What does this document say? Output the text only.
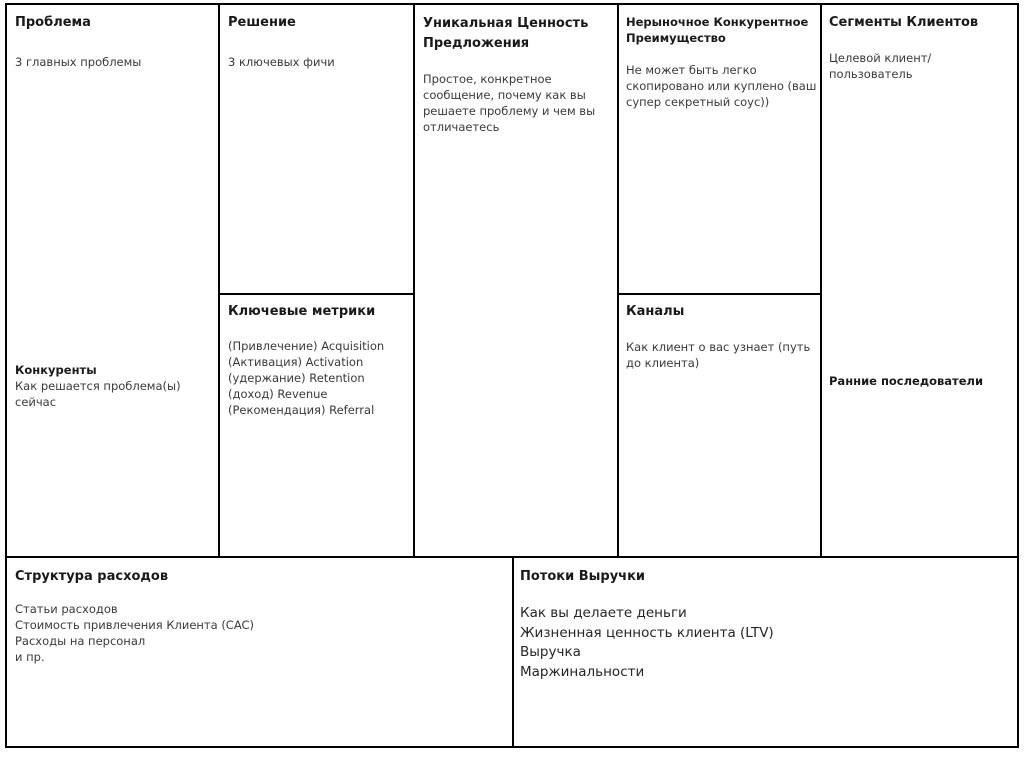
Проблема
3 главных проблемы
Конкуренты
Как решается проблема(ы) сейчас
Решение
3 ключевых фичи
Ключевые метрики
(Привлечение) Acquisition
(Активация) Activation
(удержание) Retention
(доход) Revenue
(Рекомендация) Referral
Уникальная Ценность Предложения
Простое, конкретное сообщение, почему как вы решаете проблему и чем вы отличаетесь
Нерыночное Конкурентное Преимущество
Не может быть легко скопировано или куплено (ваш супер секретный соус))
Каналы
Как клиент о вас узнает (путь до клиента)
Сегменты Клиентов
Целевой клиент/пользователь
Ранние последователи
Структура расходов
Статьи расходов
Стоимость привлечения Клиента (CAC)
Расходы на персонал
и пр.
Потоки Выручки
Как вы делаете деньги
Жизненная ценность клиента (LTV)
Выручка
Маржинальности
